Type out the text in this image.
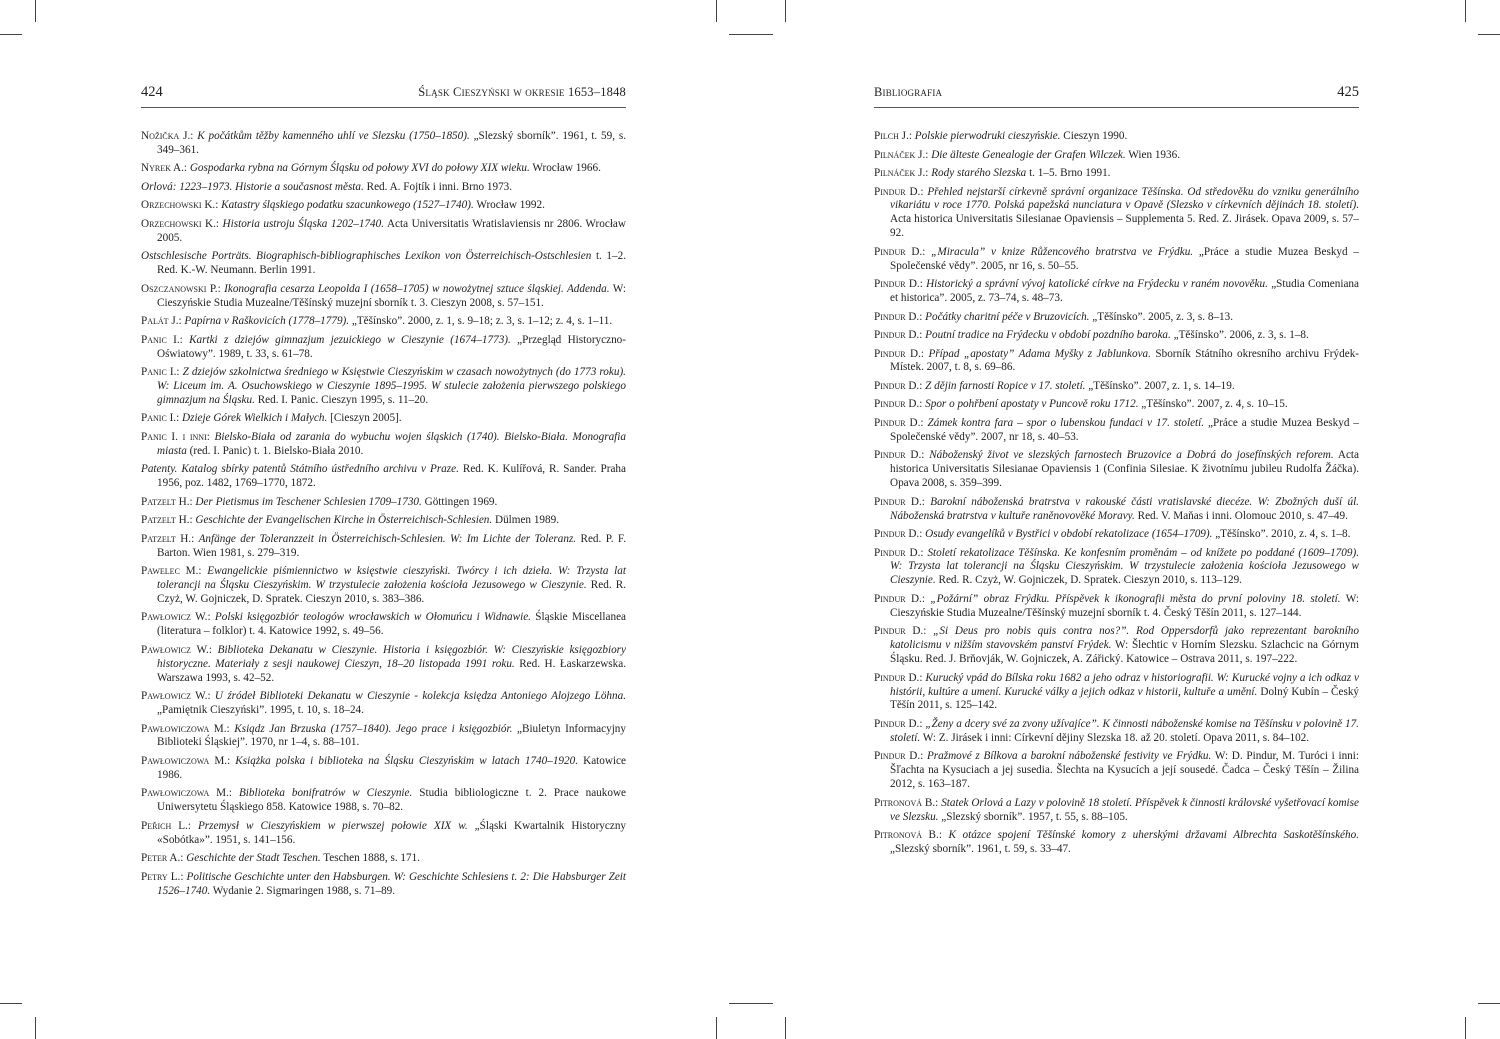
424	Śląsk Cieszyński w okresie 1653–1848
Nožička J.: K počátkům těžby kamenného uhlí ve Slezsku (1750–1850). „Slezský sborník”. 1961, t. 59, s. 349–361.
Nyrek A.: Gospodarka rybna na Górnym Śląsku od połowy XVI do połowy XIX wieku. Wrocław 1966.
Orlová: 1223–1973. Historie a současnost města. Red. A. Fojtík i inni. Brno 1973.
Orzechowski K.: Katastry śląskiego podatku szacunkowego (1527–1740). Wrocław 1992.
Orzechowski K.: Historia ustroju Śląska 1202–1740. Acta Universitatis Wratislaviensis nr 2806. Wrocław 2005.
Ostschlesische Porträts. Biographisch-bibliographisches Lexikon von Österreichisch-Ostschlesien t. 1–2. Red. K.-W. Neumann. Berlin 1991.
Oszczanowski P.: Ikonografia cesarza Leopolda I (1658–1705) w nowożytnej sztuce śląskiej. Addenda. W: Cieszyńskie Studia Muzealne/Těšínský muzejní sborník t. 3. Cieszyn 2008, s. 57–151.
Palát J.: Papírna v Raškovicích (1778–1779). „Těšínsko”. 2000, z. 1, s. 9–18; z. 3, s. 1–12; z. 4, s. 1–11.
Panic I.: Kartki z dziejów gimnazjum jezuickiego w Cieszynie (1674–1773). „Przegląd Historyczno-Oświatowy”. 1989, t. 33, s. 61–78.
Panic I.: Z dziejów szkolnictwa średniego w Księstwie Cieszyńskim w czasach nowożytnych (do 1773 roku). W: Liceum im. A. Osuchowskiego w Cieszynie 1895–1995. W stulecie założenia pierwszego polskiego gimnazjum na Śląsku. Red. I. Panic. Cieszyn 1995, s. 11–20.
Panic I.: Dzieje Górek Wielkich i Małych. [Cieszyn 2005].
Panic I. i inni: Bielsko-Biała od zarania do wybuchu wojen śląskich (1740). Bielsko-Biała. Monografia miasta (red. I. Panic) t. 1. Bielsko-Biała 2010.
Patenty. Katalog sbírky patentů Státního ústředního archivu v Praze. Red. K. Kulířová, R. Sander. Praha 1956, poz. 1482, 1769–1770, 1872.
Patzelt H.: Der Pietismus im Teschener Schlesien 1709–1730. Göttingen 1969.
Patzelt H.: Geschichte der Evangelischen Kirche in Österreichisch-Schlesien. Dülmen 1989.
Patzelt H.: Anfänge der Toleranzzeit in Österreichisch-Schlesien. W: Im Lichte der Toleranz. Red. P. F. Barton. Wien 1981, s. 279–319.
Pawelec M.: Ewangelickie piśmiennictwo w księstwie cieszyński. Twórcy i ich dzieła. W: Trzysta lat tolerancji na Śląsku Cieszyńskim. W trzystulecie założenia kościoła Jezusowego w Cieszynie. Red. R. Czyż, W. Gojniczek, D. Spratek. Cieszyn 2010, s. 383–386.
Pawłowicz W.: Polski księgozbiór teologów wrocławskich w Ołomuńcu i Widnawie. Śląskie Miscellanea (literatura – folklor) t. 4. Katowice 1992, s. 49–56.
Pawłowicz W.: Biblioteka Dekanatu w Cieszynie. Historia i księgozbiór. W: Cieszyńskie księgozbiory historyczne. Materiały z sesji naukowej Cieszyn, 18–20 listopada 1991 roku. Red. H. Łaskarzewska. Warszawa 1993, s. 42–52.
Pawłowicz W.: U źródeł Biblioteki Dekanatu w Cieszynie - kolekcja księdza Antoniego Alojzego Löhna. „Pamiętnik Cieszyński”. 1995, t. 10, s. 18–24.
Pawłowiczowa M.: Ksiądz Jan Brzuska (1757–1840). Jego prace i księgozbiór. „Biuletyn Informacyjny Biblioteki Śląskiej”. 1970, nr 1–4, s. 88–101.
Pawłowiczowa M.: Książka polska i biblioteka na Śląsku Cieszyńskim w latach 1740–1920. Katowice 1986.
Pawłowiczowa M.: Biblioteka bonifratrów w Cieszynie. Studia bibliologiczne t. 2. Prace naukowe Uniwersytetu Śląskiego 858. Katowice 1988, s. 70–82.
Peřich L.: Przemysł w Cieszyńskiem w pierwszej połowie XIX w. „Śląski Kwartalnik Historyczny «Sobótka»”. 1951, s. 141–156.
Peter A.: Geschichte der Stadt Teschen. Teschen 1888, s. 171.
Petry L.: Politische Geschichte unter den Habsburgen. W: Geschichte Schlesiens t. 2: Die Habsburger Zeit 1526–1740. Wydanie 2. Sigmaringen 1988, s. 71–89.
Bibliografia	425
Pilch J.: Polskie pierwodruki cieszyńskie. Cieszyn 1990.
Pilnáček J.: Die älteste Genealogie der Grafen Wilczek. Wien 1936.
Pilnáček J.: Rody starého Slezska t. 1–5. Brno 1991.
Pindur D.: Přehled nejstarší církevně správní organizace Těšínska. Od středověku do vzniku generálního vikariátu v roce 1770. Polská papežská nunciatura v Opavě (Slezsko v církevních dějinách 18. století). Acta historica Universitatis Silesianae Opaviensis – Supplementa 5. Red. Z. Jirásek. Opava 2009, s. 57–92.
Pindur D.: „Miracula” v knize Růžencového bratrstva ve Frýdku. „Práce a studie Muzea Beskyd – Společenské vědy”. 2005, nr 16, s. 50–55.
Pindur D.: Historický a správní vývoj katolické církve na Frýdecku v raném novověku. „Studia Comeniana et historica”. 2005, z. 73–74, s. 48–73.
Pindur D.: Počátky charitní péče v Bruzovicích. „Těšínsko”. 2005, z. 3, s. 8–13.
Pindur D.: Poutní tradice na Frýdecku v období pozdního baroka. „Těšínsko”. 2006, z. 3, s. 1–8.
Pindur D.: Případ „apostaty” Adama Myšky z Jablunkova. Sborník Státního okresního archivu Frýdek-Místek. 2007, t. 8, s. 69–86.
Pindur D.: Z dějin farnosti Ropice v 17. století. „Těšínsko”. 2007, z. 1, s. 14–19.
Pindur D.: Spor o pohřbení apostaty v Puncově roku 1712. „Těšínsko”. 2007, z. 4, s. 10–15.
Pindur D.: Zámek kontra fara – spor o lubenskou fundaci v 17. století. „Práce a studie Muzea Beskyd – Společenské vědy”. 2007, nr 18, s. 40–53.
Pindur D.: Náboženský život ve slezských farnostech Bruzovice a Dobrá do josefínských reforem. Acta historica Universitatis Silesianae Opaviensis 1 (Confinia Silesiae. K životnímu jubileu Rudolfa Žáčka). Opava 2008, s. 359–399.
Pindur D.: Barokní náboženská bratrstva v rakouské části vratislavské diecéze. W: Zbožných duší úl. Náboženská bratrstva v kultuře raněnovověké Moravy. Red. V. Maňas i inni. Olomouc 2010, s. 47–49.
Pindur D.: Osudy evangelíků v Bystřici v období rekatolizace (1654–1709). „Těšínsko”. 2010, z. 4, s. 1–8.
Pindur D.: Století rekatolizace Těšínska. Ke konfesním proměnám – od knížete po poddané (1609–1709). W: Trzysta lat tolerancji na Śląsku Cieszyńskim. W trzystulecie założenia kościoła Jezusowego w Cieszynie. Red. R. Czyż, W. Gojniczek, D. Spratek. Cieszyn 2010, s. 113–129.
Pindur D.: „Požární” obraz Frýdku. Příspěvek k ikonografii města do první poloviny 18. století. W: Cieszyńskie Studia Muzealne/Těšínský muzejní sborník t. 4. Český Těšín 2011, s. 127–144.
Pindur D.: „Si Deus pro nobis quis contra nos?”. Rod Oppersdorfů jako reprezentant barokního katolicismu v nižším stavovském panství Frýdek. W: Šlechtic v Horním Slezsku. Szlachcic na Górnym Śląsku. Red. J. Brňovják, W. Gojniczek, A. Zářický. Katowice – Ostrava 2011, s. 197–222.
Pindur D.: Kurucký vpád do Bílska roku 1682 a jeho odraz v historiografii. W: Kurucké vojny a ich odkaz v histórii, kultúre a umení. Kurucké války a jejich odkaz v historii, kultuře a umění. Dolný Kubín – Český Těšín 2011, s. 125–142.
Pindur D.: „Ženy a dcery své za zvony užívajíce”. K činnosti náboženské komise na Těšínsku v polovině 17. století. W: Z. Jirásek i inni: Církevní dějiny Slezska 18. až 20. století. Opava 2011, s. 84–102.
Pindur D.: Pražmové z Bílkova a barokní náboženské festivity ve Frýdku. W: D. Pindur, M. Turóci i inni: Šľachta na Kysuciach a jej susedia. Šlechta na Kysucích a její sousedé. Čadca – Český Těšín – Žilina 2012, s. 163–187.
Pitronová B.: Statek Orlová a Lazy v polovině 18 století. Příspěvek k činnosti královské vyšetřovací komise ve Slezsku. „Slezský sborník”. 1957, t. 55, s. 88–105.
Pitronová B.: K otázce spojení Těšínské komory z uherskými državami Albrechta Saskotěšínského. „Slezský sborník”. 1961, t. 59, s. 33–47.
